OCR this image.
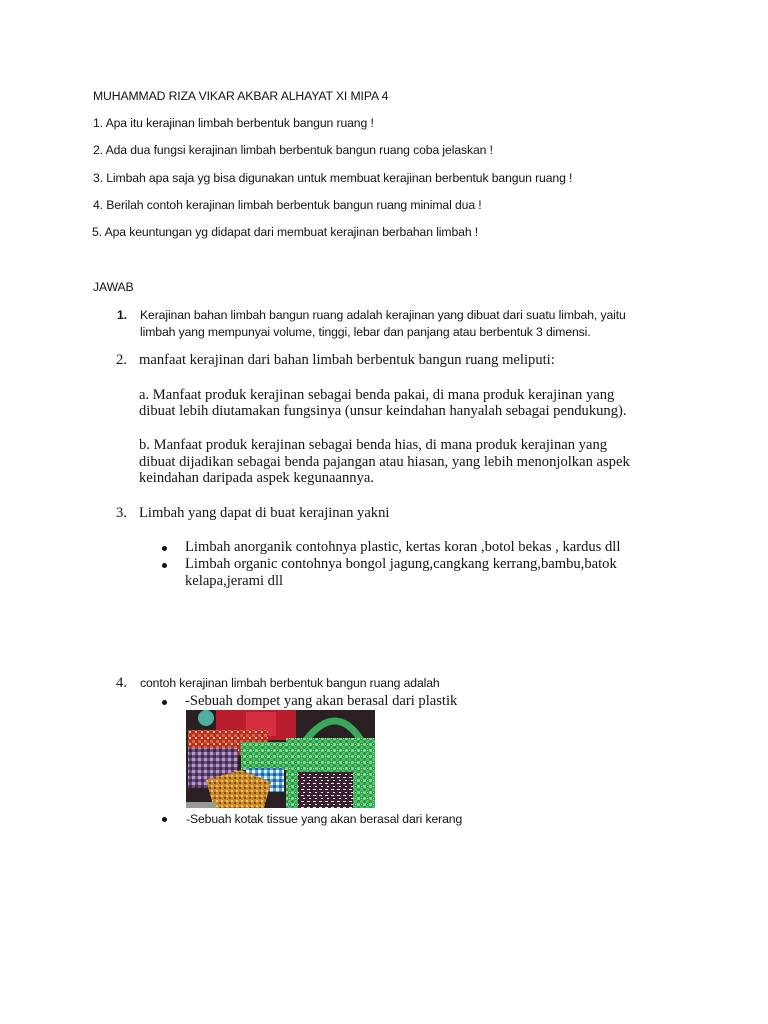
MUHAMMAD RIZA VIKAR AKBAR ALHAYAT XI MIPA 4
1. Apa itu kerajinan limbah berbentuk bangun ruang !
2. Ada dua fungsi kerajinan limbah berbentuk bangun ruang coba jelaskan !
3. Limbah apa saja yg bisa digunakan untuk membuat kerajinan berbentuk bangun ruang !
4. Berilah contoh kerajinan limbah berbentuk bangun ruang minimal dua !
5. Apa keuntungan yg didapat dari membuat kerajinan berbahan limbah !
JAWAB
1. Kerajinan bahan limbah bangun ruang adalah kerajinan yang dibuat dari suatu limbah, yaitu
limbah yang mempunyai volume, tinggi, lebar dan panjang atau berbentuk 3 dimensi.
2. manfaat kerajinan dari bahan limbah berbentuk bangun ruang meliputi:
a. Manfaat produk kerajinan sebagai benda pakai, di mana produk kerajinan yang
dibuat lebih diutamakan fungsinya (unsur keindahan hanyalah sebagai pendukung).
b. Manfaat produk kerajinan sebagai benda hias, di mana produk kerajinan yang
dibuat dijadikan sebagai benda pajangan atau hiasan, yang lebih menonjolkan aspek
keindahan daripada aspek kegunaannya.
3. Limbah yang dapat di buat kerajinan yakni
Limbah anorganik contohnya plastic, kertas koran ,botol bekas , kardus dll
Limbah organic contohnya bongol jagung,cangkang kerrang,bambu,batok
kelapa,jerami dll
4. contoh kerajinan limbah berbentuk bangun ruang adalah
-Sebuah dompet yang akan berasal dari plastik
-Sebuah kotak tissue yang akan berasal dari kerang
